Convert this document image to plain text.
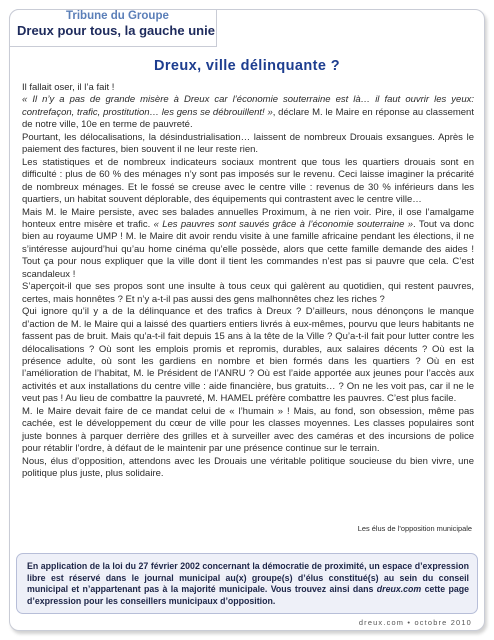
Tribune du Groupe
Dreux pour tous, la gauche unie
Dreux, ville délinquante ?

Il fallait oser, il l’a fait !

« Il n’y a pas de grande misère à Dreux car l’économie souterraine est là… il faut ouvrir les yeux: contrefaçon, trafic, prostitution… les gens se débrouillent! », déclare M. le Maire en réponse au classement de notre ville, 10e en terme de pauvreté.

Pourtant, les délocalisations, la désindustrialisation… laissent de nombreux Drouais exsangues. Après le paiement des factures, bien souvent il ne leur reste rien.

Les statistiques et de nombreux indicateurs sociaux montrent que tous les quartiers drouais sont en difficulté : plus de 60 % des ménages n’y sont pas imposés sur le revenu. Ceci laisse imaginer la précarité de nombreux ménages. Et le fossé se creuse avec le centre ville : revenus de 30 % inférieurs dans les quartiers, un habitat souvent déplorable, des équipements qui contrastent avec le centre ville…

Mais M. le Maire persiste, avec ses balades annuelles Proximum, à ne rien voir. Pire, il ose l’amalgame honteux entre misère et trafic. « Les pauvres sont sauvés grâce à l’économie souterraine ». Tout va donc bien au royaume UMP ! M. le Maire dit avoir rendu visite à une famille africaine pendant les élections, il ne s’intéresse aujourd’hui qu’au home cinéma qu’elle possède, alors que cette famille demande des aides ! Tout ça pour nous expliquer que la ville dont il tient les commandes n’est pas si pauvre que cela. C’est scandaleux !

S’aperçoit-il que ses propos sont une insulte à tous ceux qui galèrent au quotidien, qui restent pauvres, certes, mais honnêtes ? Et n’y a-t-il pas aussi des gens malhonnêtes chez les riches ?

Qui ignore qu’il y a de la délinquance et des trafics à Dreux ? D’ailleurs, nous dénonçons le manque d’action de M. le Maire qui a laissé des quartiers entiers livrés à eux-mêmes, pourvu que leurs habitants ne fassent pas de bruit. Mais qu’a-t-il fait depuis 15 ans à la tête de la Ville ? Qu’a-t-il fait pour lutter contre les délocalisations ? Où sont les emplois promis et repromis, durables, aux salaires décents ? Où est la présence adulte, où sont les gardiens en nombre et bien formés dans les quartiers ? Où en est l’amélioration de l’habitat, M. le Président de l’ANRU ? Où est l’aide apportée aux jeunes pour l’accès aux activités et aux installations du centre ville : aide financière, bus gratuits… ? On ne les voit pas, car il ne le veut pas ! Au lieu de combattre la pauvreté, M. HAMEL préfère combattre les pauvres. C’est plus facile.

M. le Maire devait faire de ce mandat celui de « l’humain » ! Mais, au fond, son obsession, même pas cachée, est le développement du cœur de ville pour les classes moyennes. Les classes populaires sont juste bonnes à parquer derrière des grilles et à surveiller avec des caméras et des incursions de police pour rétablir l’ordre, à défaut de le maintenir par une présence continue sur le terrain.

Nous, élus d’opposition, attendons avec les Drouais une véritable politique soucieuse du bien vivre, une politique plus juste, plus solidaire.

Les élus de l’opposition municipale

En application de la loi du 27 février 2002 concernant la démocratie de proximité, un espace d’expression libre est réservé dans le journal municipal au(x) groupe(s) d’élus constitué(s) au sein du conseil municipal et n’appartenant pas à la majorité municipale. Vous trouvez ainsi dans dreux.com cette page d’expression pour les conseillers municipaux d’opposition.

dreux.com • octobre 2010
